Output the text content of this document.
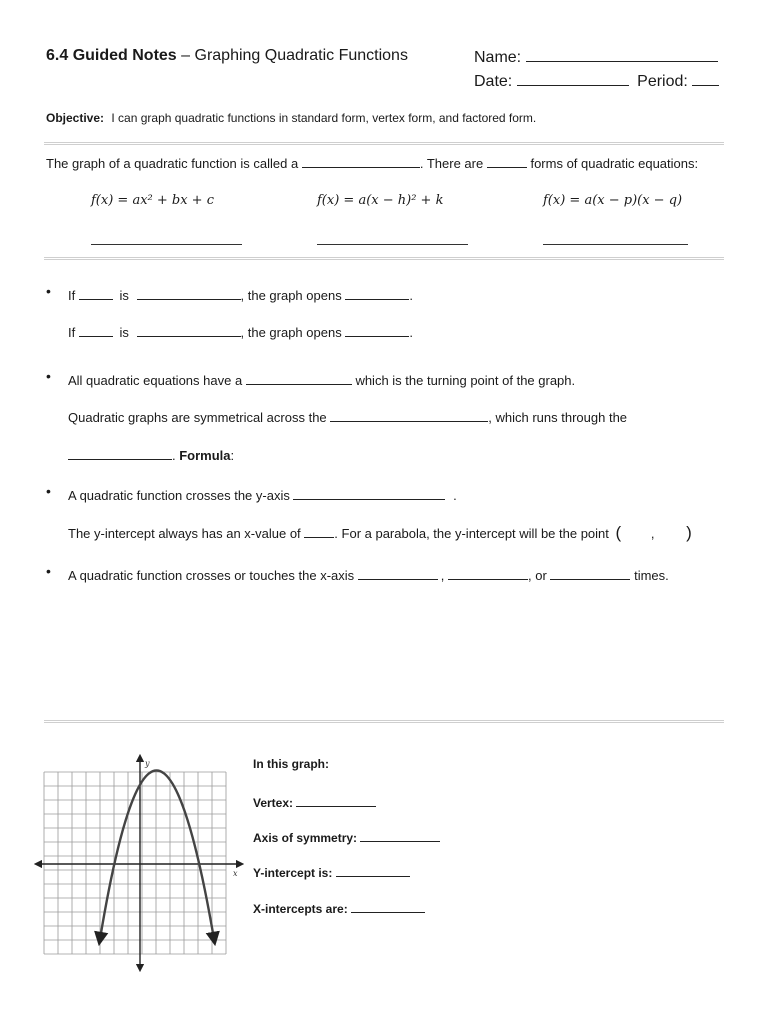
6.4 Guided Notes – Graphing Quadratic Functions	Name:
Date:	Period:
Objective: I can graph quadratic functions in standard form, vertex form, and factored form.
The graph of a quadratic function is called a	. There are	forms of quadratic equations:
f(x) = ax² + bx + c	f(x) = a(x − h)² + k	f(x) = a(x − p)(x − q)
• If	is	, the graph opens	.
If	is	, the graph opens	.
• All quadratic equations have a	which is the turning point of the graph.
Quadratic graphs are symmetrical across the	, which runs through the
. Formula:
• A quadratic function crosses the y-axis	.
The y-intercept always has an x-value of	. For a parabola, the y-intercept will be the point ( , )
• A quadratic function crosses or touches the x-axis	,	, or	times.
x
y	In this graph:
Vertex:
Axis of symmetry:
Y-intercept is:
X-intercepts are:
